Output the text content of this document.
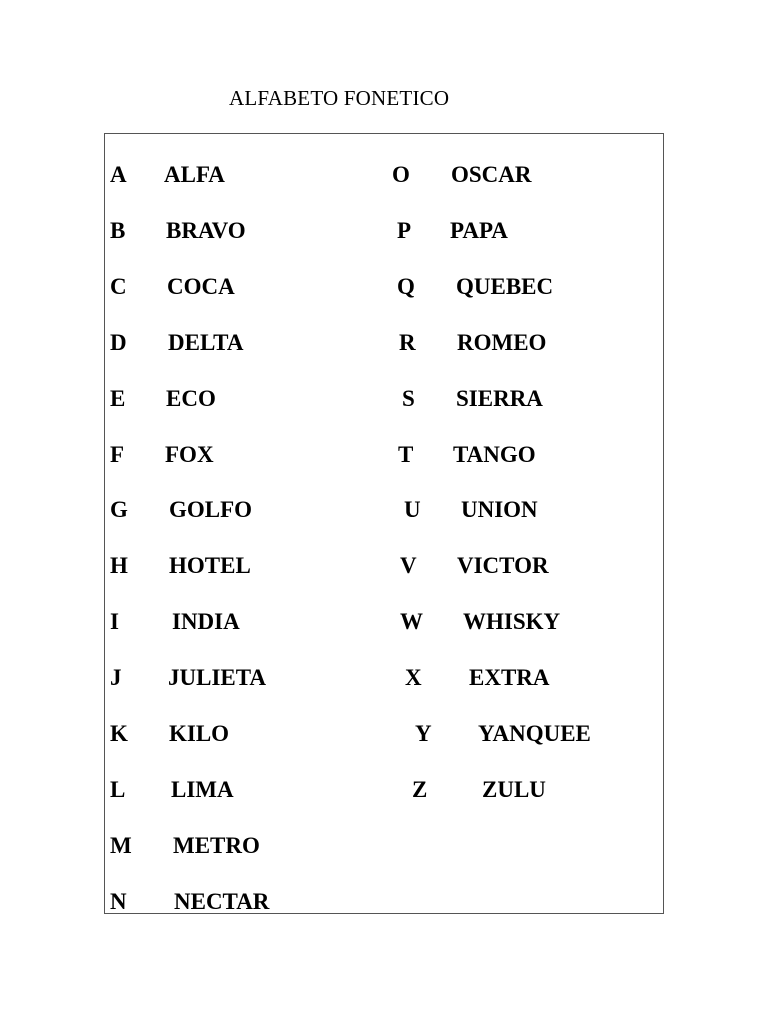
ALFABETO FONETICO
A ALFA
B BRAVO
C COCA
D DELTA
E ECO
F FOX
G GOLFO
H HOTEL
I INDIA
J JULIETA
K KILO
L LIMA
M METRO
N NECTAR
O OSCAR
P PAPA
Q QUEBEC
R ROMEO
S SIERRA
T TANGO
U UNION
V VICTOR
W WHISKY
X EXTRA
Y YANQUEE
Z ZULU
